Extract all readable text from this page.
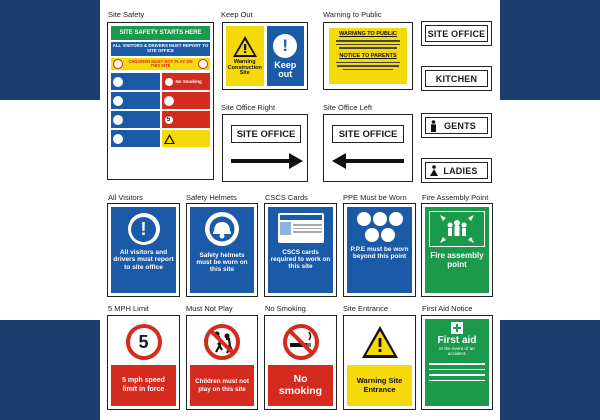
Site Safety	Keep Out	Warning to Public
SITE SAFETY STARTS HERE
ALL VISITORS & DRIVERS MUST REPORT TO SITE OFFICE
CHILDREN MUST NOT PLAY ON THIS SITE
No Smoking
5
Warning Construction Site
!
Keep out
WARNING TO PUBLIC
NOTICE TO PARENTS
SITE OFFICE
KITCHEN
GENTS
LADIES
Site Office Right	Site Office Left
SITE OFFICE	SITE OFFICE
All Visitors	Safety Helmets	CSCS Cards	PPE Must be Worn Fire Assembly Point
!
All visitors and drivers must report to site office
Safety helmets must be worn on this site
CSCS cards required to work on this site
P.P.E must be worn beyond this point	Fire assembly point
5 MPH Limit	Must Not Play	No Smoking	Site Entrance	First Aid Notice
5
5 mph speed limit in force
Children must not play on this site
No smoking
Warning Site Entrance
First aid
In the event of an accident:
